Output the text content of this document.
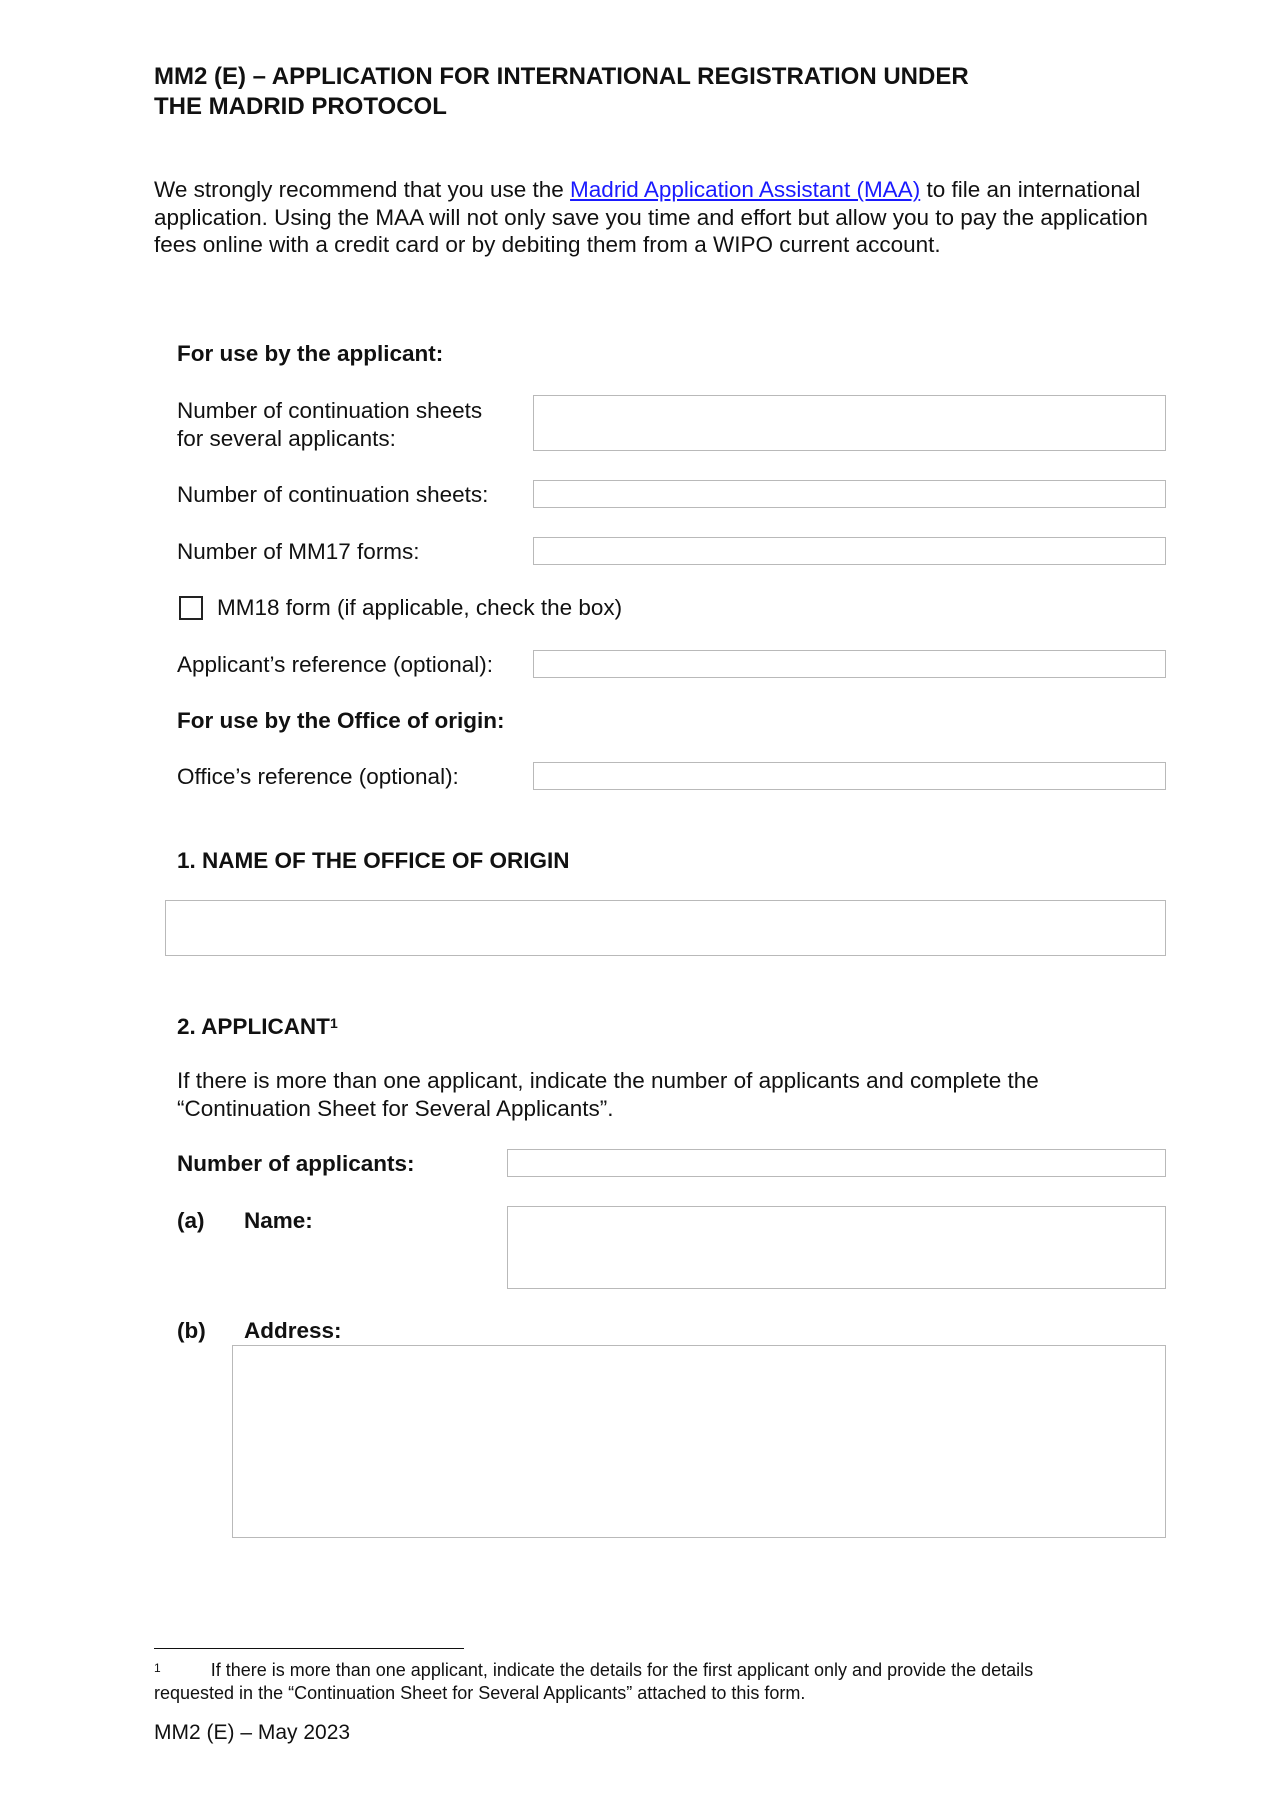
MM2 (E) – APPLICATION FOR INTERNATIONAL REGISTRATION UNDER
THE MADRID PROTOCOL

We strongly recommend that you use the Madrid Application Assistant (MAA) to file an international application. Using the MAA will not only save you time and effort but allow you to pay the application fees online with a credit card or by debiting them from a WIPO current account.

For use by the applicant:
Number of continuation sheets
for several applicants:
Number of continuation sheets:
Number of MM17 forms:
MM18 form (if applicable, check the box)
Applicant’s reference (optional):
For use by the Office of origin:
Office’s reference (optional):
1. NAME OF THE OFFICE OF ORIGIN
2. APPLICANT$^1$
If there is more than one applicant, indicate the number of applicants and complete the “Continuation Sheet for Several Applicants”.
Number of applicants:
(a) Name:
(b) Address:

$^1$	If there is more than one applicant, indicate the details for the first applicant only and provide the details
requested in the “Continuation Sheet for Several Applicants” attached to this form.

MM2 (E) – May 2023
